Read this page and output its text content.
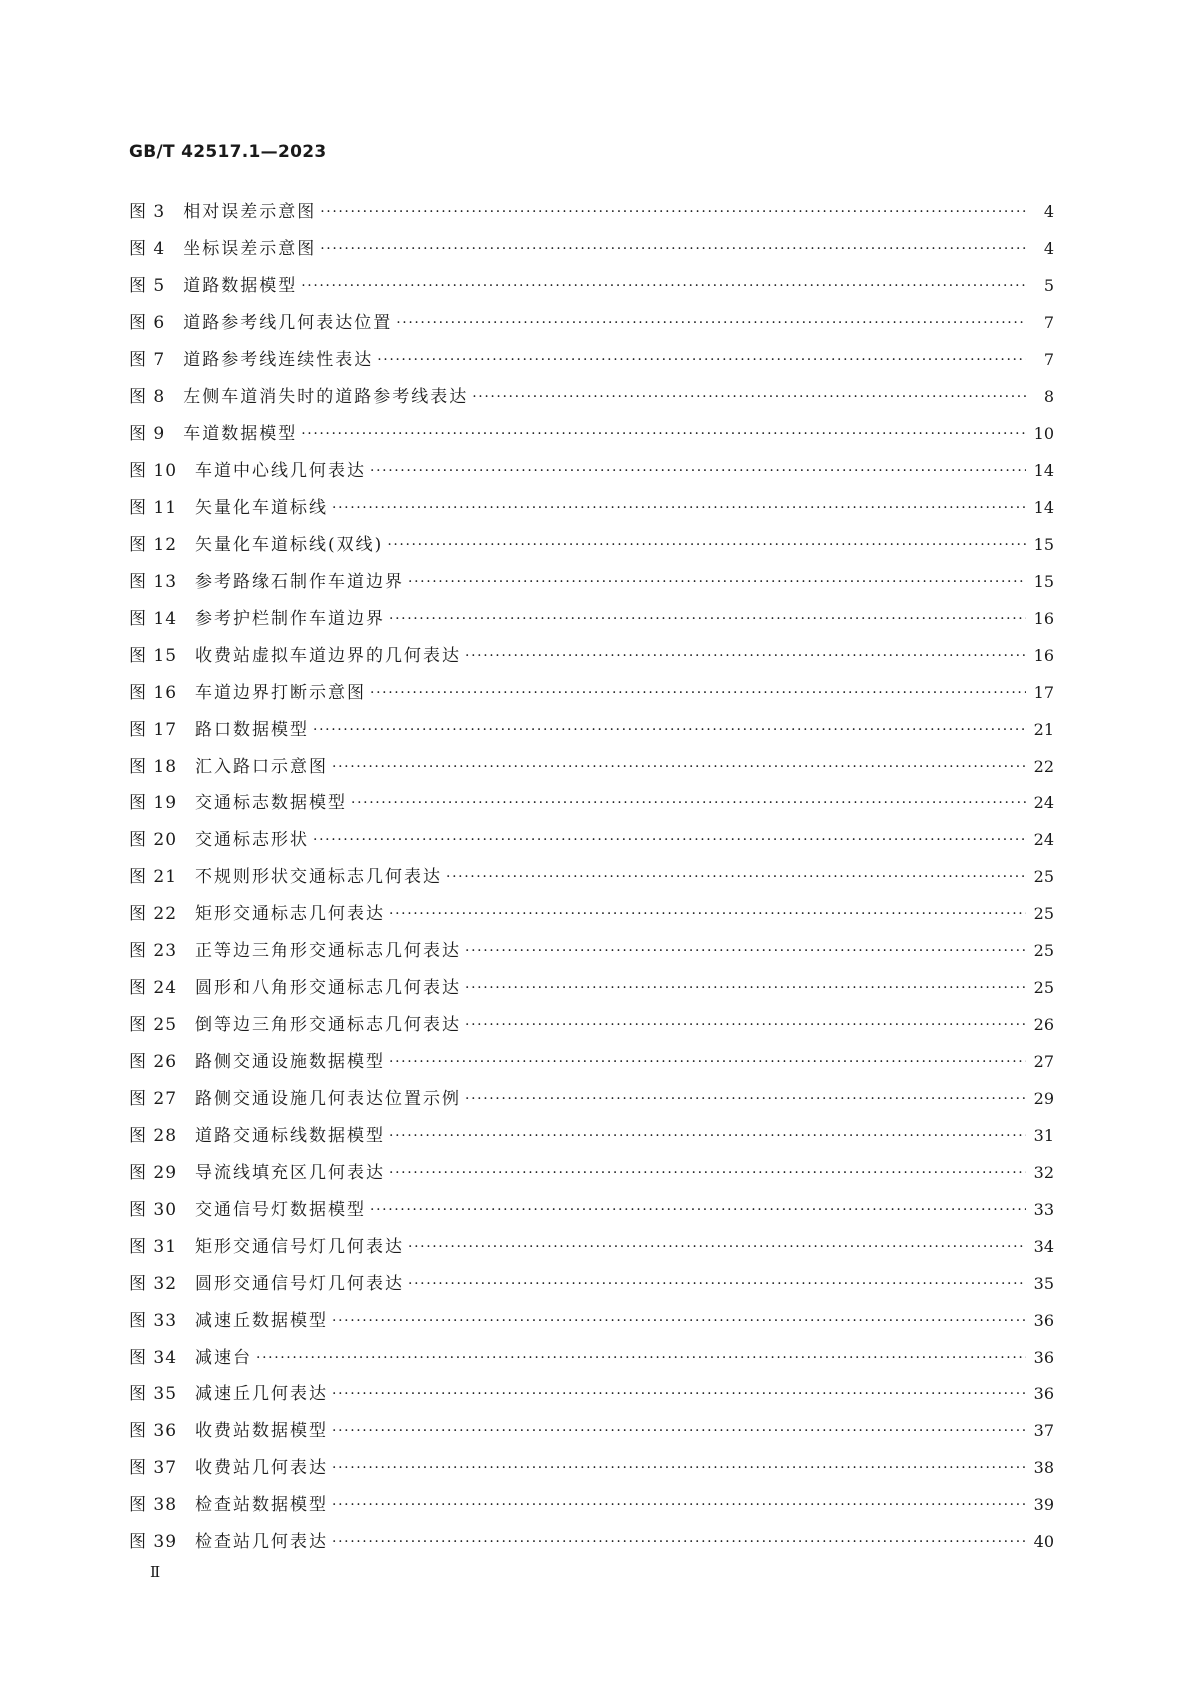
GB/T 42517.1—2023
图 3 相对误差示意图 ·····	4
图 4 坐标误差示意图 ·····	4
图 5 道路数据模型 ·····	5
图 6 道路参考线几何表达位置 ·····	7
图 7 道路参考线连续性表达 ·····	7
图 8 左侧车道消失时的道路参考线表达 ·····	8
图 9 车道数据模型 ·····	10
图 10 车道中心线几何表达 ·····	14
图 11 矢量化车道标线 ·····	14
图 12 矢量化车道标线(双线) ·····	15
图 13 参考路缘石制作车道边界 ·····	15
图 14 参考护栏制作车道边界 ·····	16
图 15 收费站虚拟车道边界的几何表达 ·····	16
图 16 车道边界打断示意图 ·····	17
图 17 路口数据模型 ·····	21
图 18 汇入路口示意图 ·····	22
图 19 交通标志数据模型 ·····	24
图 20 交通标志形状 ·····	24
图 21 不规则形状交通标志几何表达 ·····	25
图 22 矩形交通标志几何表达 ·····	25
图 23 正等边三角形交通标志几何表达 ·····	25
图 24 圆形和八角形交通标志几何表达 ·····	25
图 25 倒等边三角形交通标志几何表达 ·····	26
图 26 路侧交通设施数据模型 ·····	27
图 27 路侧交通设施几何表达位置示例 ·····	29
图 28 道路交通标线数据模型 ·····	31
图 29 导流线填充区几何表达 ·····	32
图 30 交通信号灯数据模型 ·····	33
图 31 矩形交通信号灯几何表达 ·····	34
图 32 圆形交通信号灯几何表达 ·····	35
图 33 减速丘数据模型 ·····	36
图 34 减速台 ·····	36
图 35 减速丘几何表达 ·····	36
图 36 收费站数据模型 ·····	37
图 37 收费站几何表达 ·····	38
图 38 检查站数据模型 ·····	39
图 39 检查站几何表达 ·····	40
Ⅱ
